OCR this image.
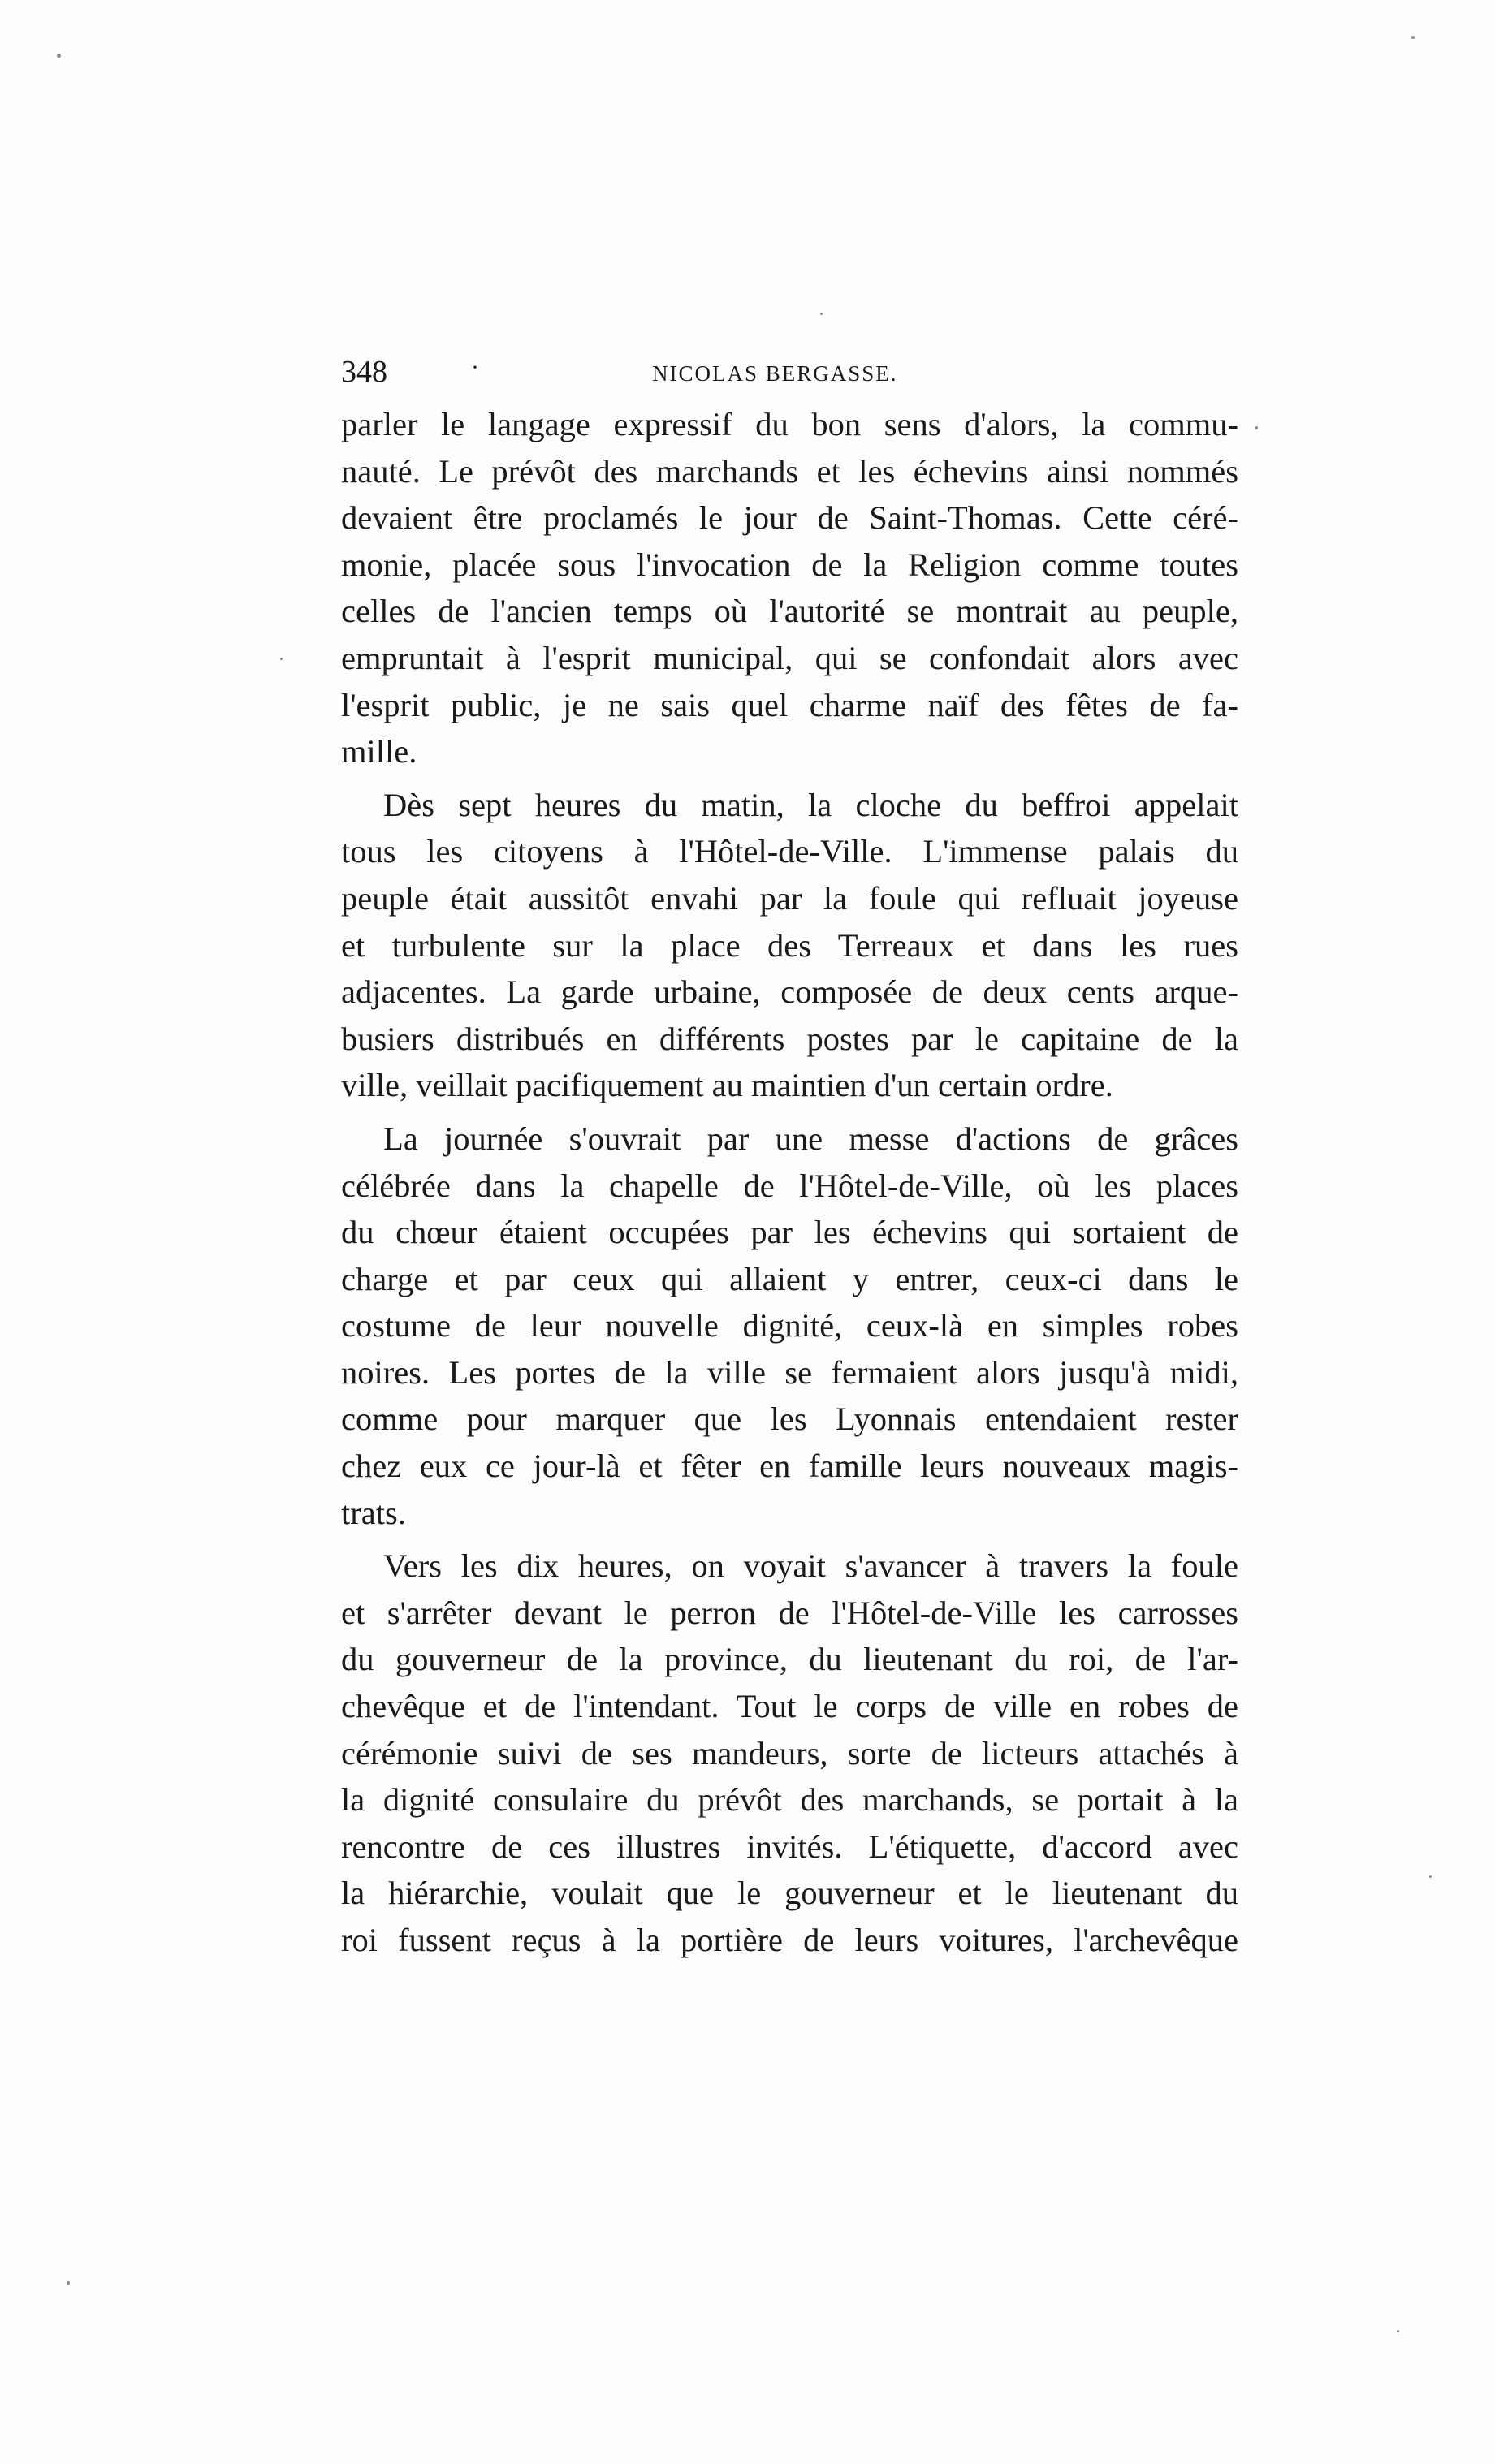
348	·	NICOLAS BERGASSE.
parler le langage expressif du bon sens d'alors, la commu-
nauté. Le prévôt des marchands et les échevins ainsi nommés
devaient être proclamés le jour de Saint-Thomas. Cette céré-
monie, placée sous l'invocation de la Religion comme toutes
celles de l'ancien temps où l'autorité se montrait au peuple,
empruntait à l'esprit municipal, qui se confondait alors avec
l'esprit public, je ne sais quel charme naïf des fêtes de fa-
mille.
Dès sept heures du matin, la cloche du beffroi appelait
tous les citoyens à l'Hôtel-de-Ville. L'immense palais du
peuple était aussitôt envahi par la foule qui refluait joyeuse
et turbulente sur la place des Terreaux et dans les rues
adjacentes. La garde urbaine, composée de deux cents arque-
busiers distribués en différents postes par le capitaine de la
ville, veillait pacifiquement au maintien d'un certain ordre.
La journée s'ouvrait par une messe d'actions de grâces
célébrée dans la chapelle de l'Hôtel-de-Ville, où les places
du chœur étaient occupées par les échevins qui sortaient de
charge et par ceux qui allaient y entrer, ceux-ci dans le
costume de leur nouvelle dignité, ceux-là en simples robes
noires. Les portes de la ville se fermaient alors jusqu'à midi,
comme pour marquer que les Lyonnais entendaient rester
chez eux ce jour-là et fêter en famille leurs nouveaux magis-
trats.
Vers les dix heures, on voyait s'avancer à travers la foule
et s'arrêter devant le perron de l'Hôtel-de-Ville les carrosses
du gouverneur de la province, du lieutenant du roi, de l'ar-
chevêque et de l'intendant. Tout le corps de ville en robes de
cérémonie suivi de ses mandeurs, sorte de licteurs attachés à
la dignité consulaire du prévôt des marchands, se portait à la
rencontre de ces illustres invités. L'étiquette, d'accord avec
la hiérarchie, voulait que le gouverneur et le lieutenant du
roi fussent reçus à la portière de leurs voitures, l'archevêque
